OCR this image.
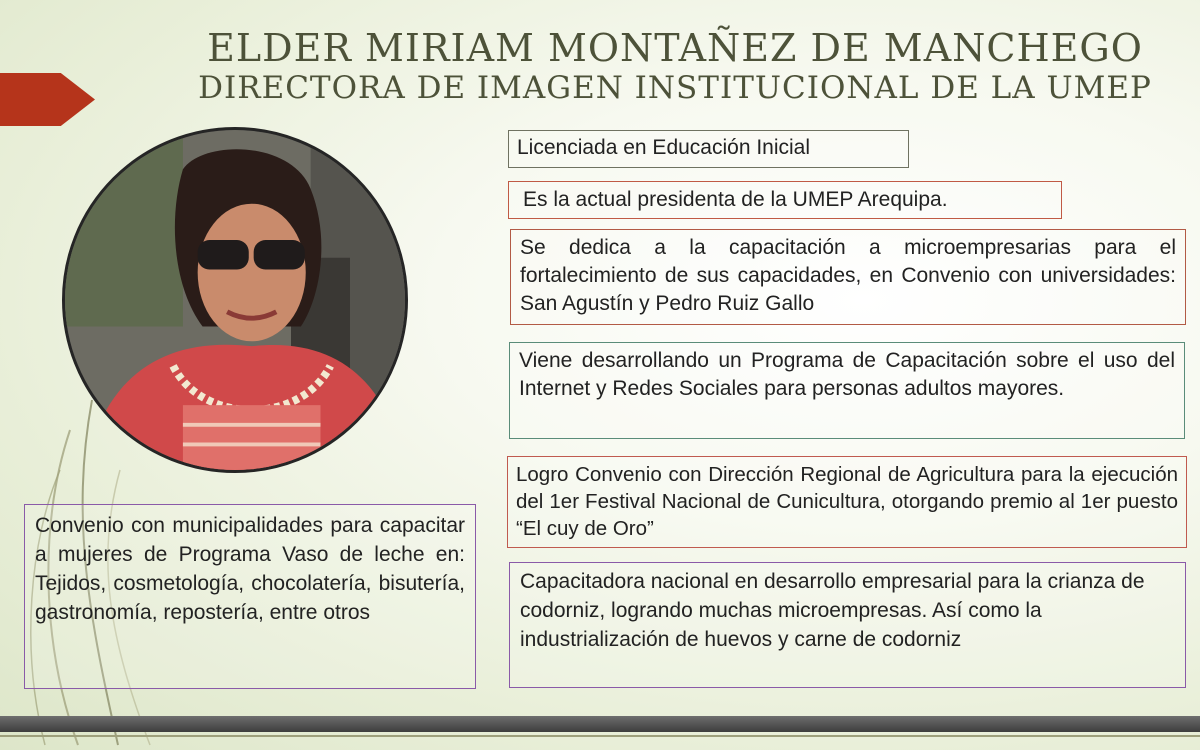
ELDER MIRIAM MONTAÑEZ DE MANCHEGO
DIRECTORA DE IMAGEN INSTITUCIONAL DE LA UMEP
Licenciada en Educación Inicial
Es la actual presidenta de la UMEP Arequipa.
Se dedica a la capacitación a microempresarias para el fortalecimiento de sus capacidades, en Convenio con universidades: San Agustín y Pedro Ruiz Gallo
Viene desarrollando un Programa de Capacitación sobre el uso del Internet y Redes Sociales para personas adultos mayores.
Logro Convenio con Dirección Regional de Agricultura para la ejecución del 1er Festival Nacional de Cunicultura, otorgando premio al 1er puesto “El cuy de Oro”
Capacitadora nacional en desarrollo empresarial para la crianza de codorniz, logrando muchas microempresas. Así como la industrialización de huevos y carne de codorniz
Convenio con municipalidades para capacitar a mujeres de Programa Vaso de leche en: Tejidos, cosmetología, chocolatería, bisutería, gastronomía, repostería, entre otros
